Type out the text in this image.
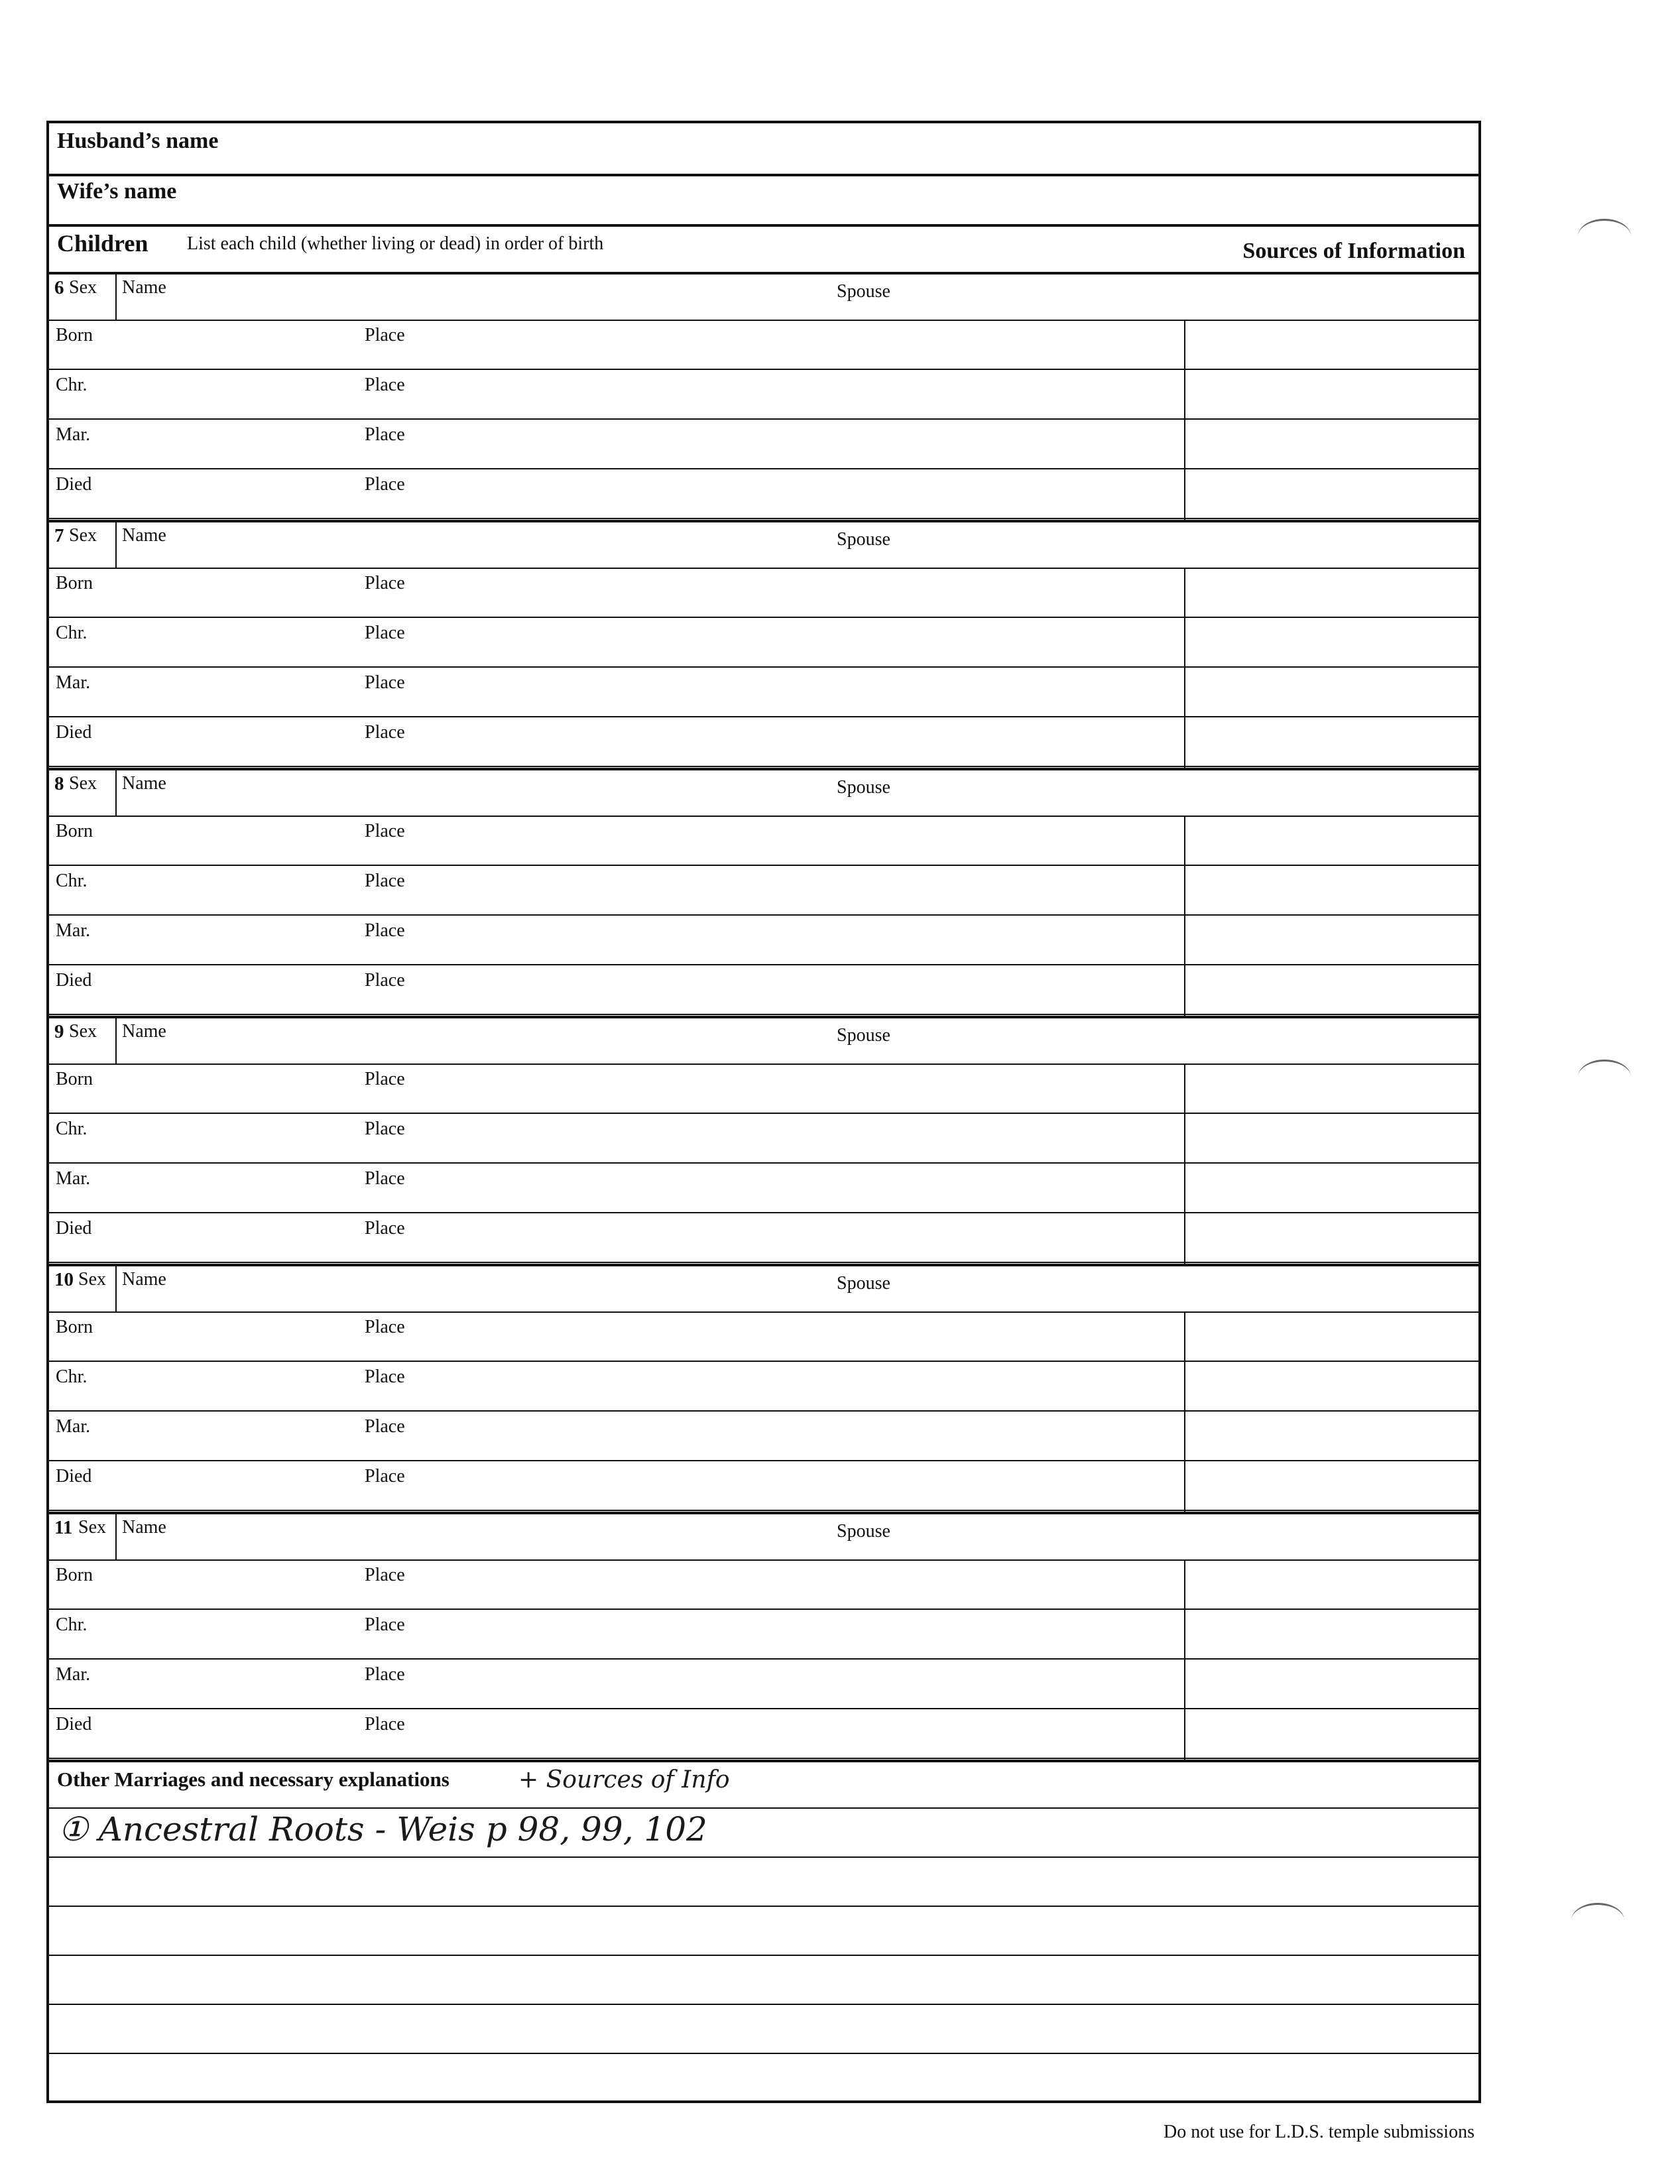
Husband’s name
Wife’s name
Children List each child (whether living or dead) in order of birth	Sources of Information
6 Sex Name	Spouse
Born	Place
Chr.	Place
Mar.	Place
Died	Place
7 Sex Name	Spouse
Born	Place
Chr.	Place
Mar.	Place
Died	Place
8 Sex Name	Spouse
Born	Place
Chr.	Place
Mar.	Place
Died	Place
9 Sex Name	Spouse
Born	Place
Chr.	Place
Mar.	Place
Died	Place
10 Sex Name	Spouse
Born	Place
Chr.	Place
Mar.	Place
Died	Place
11 Sex Name	Spouse
Born	Place
Chr.	Place
Mar.	Place
Died	Place
Other Marriages and necessary explanations	+ Sources of Info
① Ancestral Roots - Weis p 98, 99, 102
Do not use for L.D.S. temple submissions
